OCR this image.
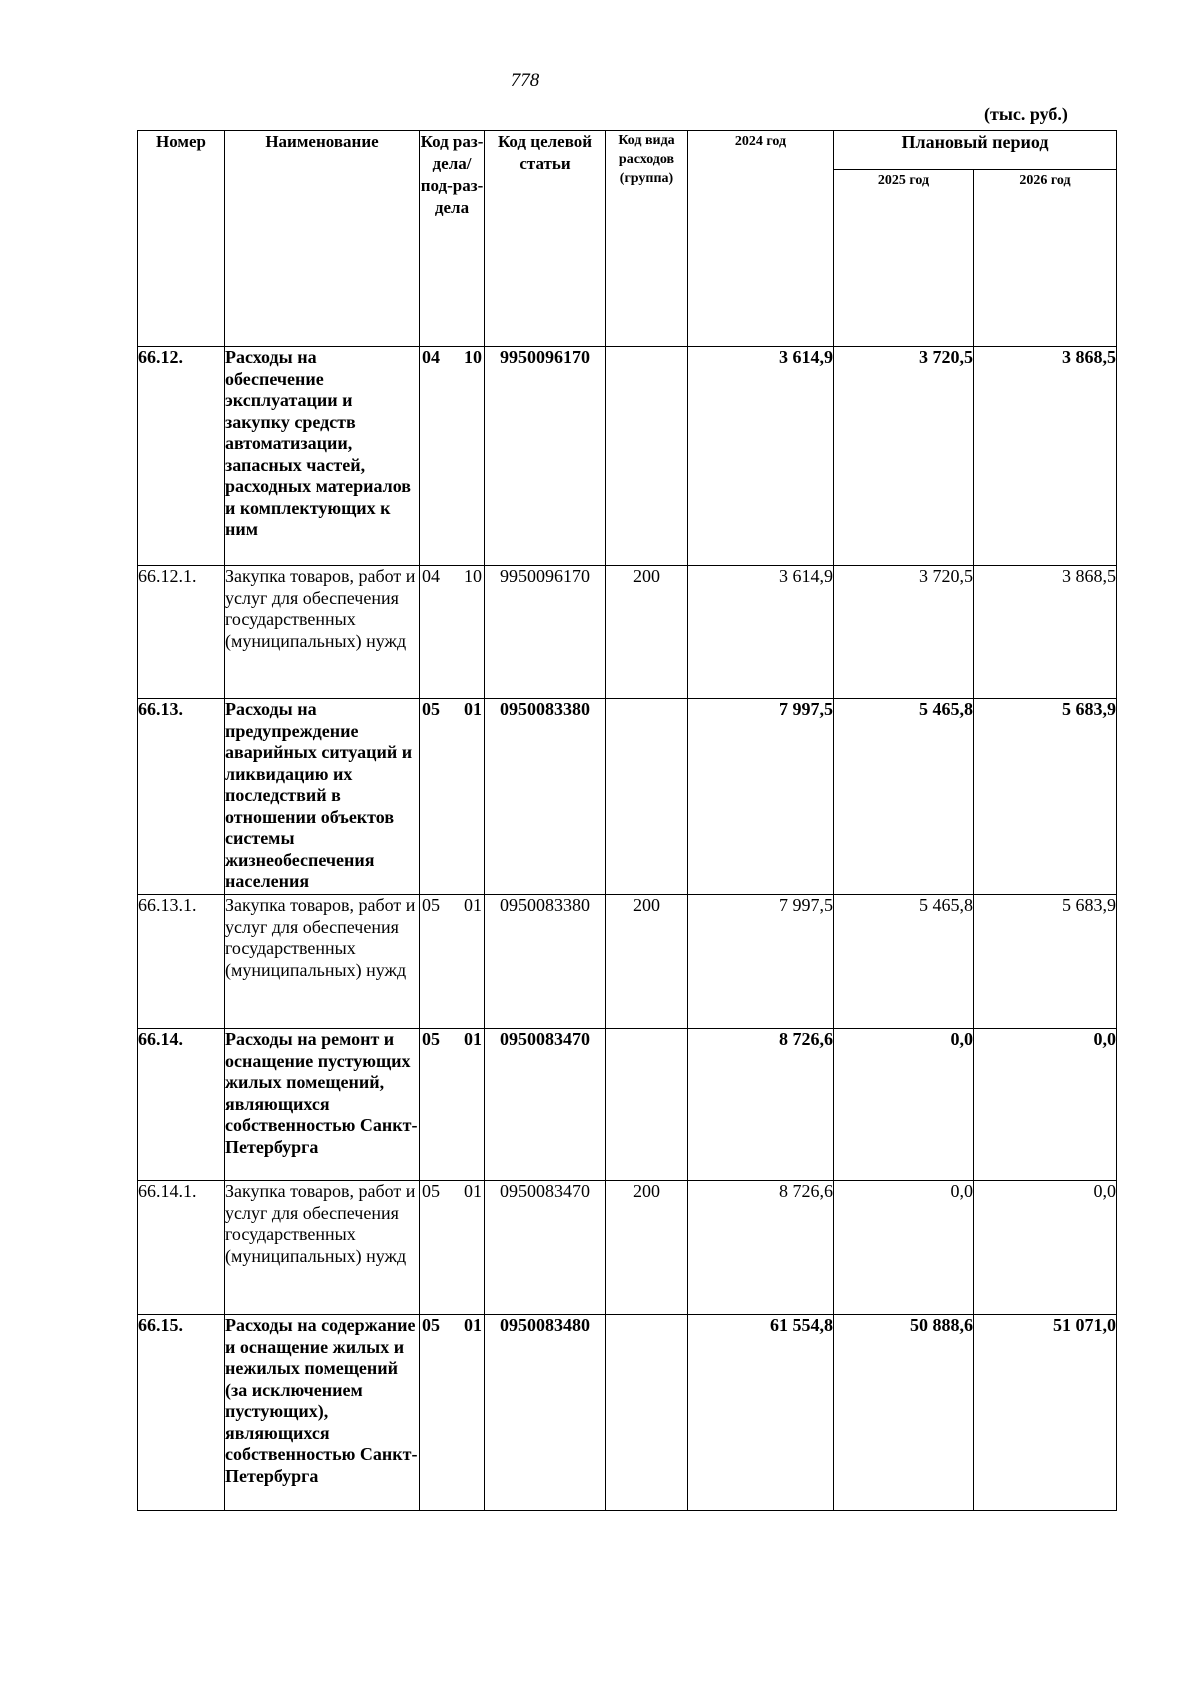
778
(тыс. руб.)
Номер	Наименование	Код раз-дела/ под-раз-дела	Код целевой статьи	Код вида расходов (группа)	2024 год	Плановый период	
						2025 год	2026 год
66.12.	Расходы на обеспечение эксплуатации и закупку средств автоматизации, запасных частей, расходных материалов и комплектующих к ним	04 10	9950096170		3 614,9	3 720,5	3 868,5
66.12.1.	Закупка товаров, работ и услуг для обеспечения государственных (муниципальных) нужд	04 10	9950096170	200	3 614,9	3 720,5	3 868,5
66.13.	Расходы на предупреждение аварийных ситуаций и ликвидацию их последствий в отношении объектов системы жизнеобеспечения населения	05 01	0950083380		7 997,5	5 465,8	5 683,9
66.13.1.	Закупка товаров, работ и услуг для обеспечения государственных (муниципальных) нужд	05 01	0950083380	200	7 997,5	5 465,8	5 683,9
66.14.	Расходы на ремонт и оснащение пустующих жилых помещений, являющихся собственностью Санкт-Петербурга	05 01	0950083470		8 726,6	0,0	0,0
66.14.1.	Закупка товаров, работ и услуг для обеспечения государственных (муниципальных) нужд	05 01	0950083470	200	8 726,6	0,0	0,0
66.15.	Расходы на содержание и оснащение жилых и нежилых помещений (за исключением пустующих), являющихся собственностью Санкт-Петербурга	05 01	0950083480		61 554,8	50 888,6	51 071,0
